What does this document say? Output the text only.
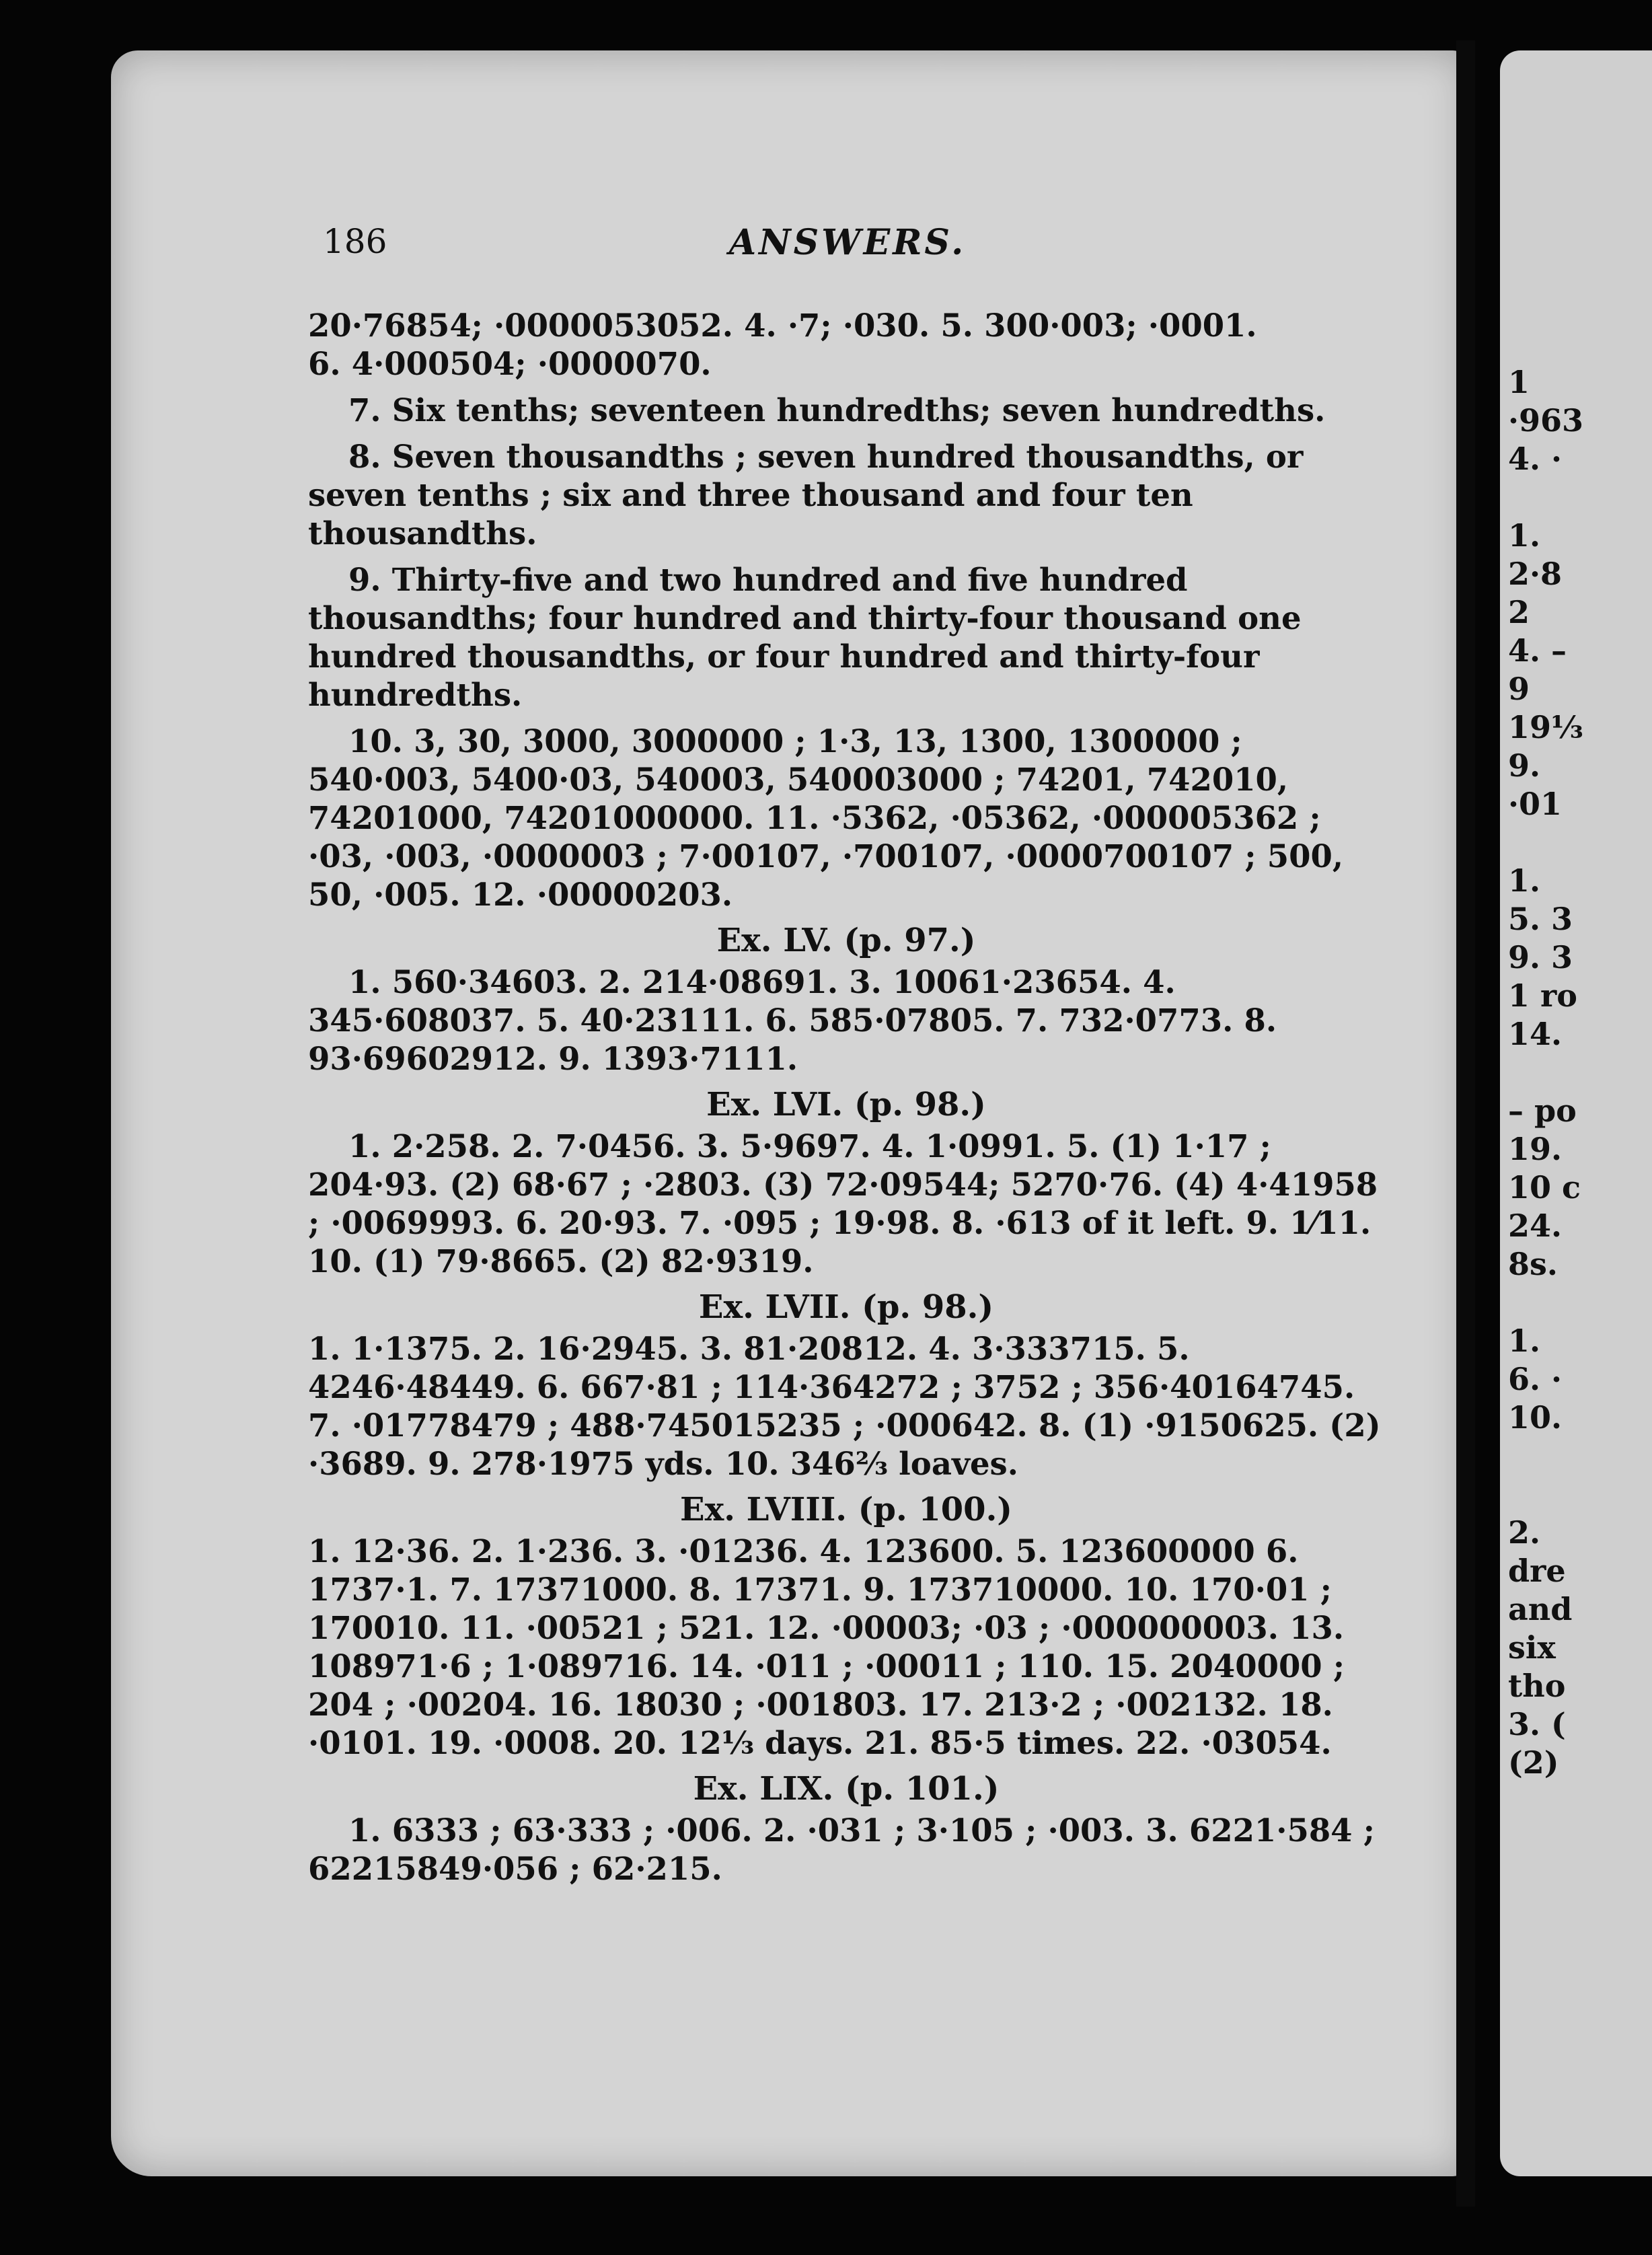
186	ANSWERS.

20·76854; ·0000053052. 4. ·7; ·030. 5. 300·003; ·0001.

6. 4·000504; ·0000070.

7. Six tenths; seventeen hundredths; seven hundredths.

8. Seven thousandths ; seven hundred thousandths, or seven tenths ; six and three thousand and four ten thousandths.

9. Thirty-five and two hundred and five hundred thousandths; four hundred and thirty-four thousand one hundred thousandths, or four hundred and thirty-four hundredths.

10. 3, 30, 3000, 3000000 ; 1·3, 13, 1300, 1300000 ; 540·003, 5400·03, 540003, 540003000 ; 74201, 742010, 74201000, 74201000000. 11. ·5362, ·05362, ·000005362 ; ·03, ·003, ·0000003 ; 7·00107, ·700107, ·0000700107 ; 500, 50, ·005. 12. ·00000203.

Ex. LV. (p. 97.)

1. 560·34603. 2. 214·08691. 3. 10061·23654. 4. 345·608037. 5. 40·23111. 6. 585·07805. 7. 732·0773. 8. 93·69602912. 9. 1393·7111.

Ex. LVI. (p. 98.)

1. 2·258. 2. 7·0456. 3. 5·9697. 4. 1·0991. 5. (1) 1·17 ; 204·93. (2) 68·67 ; ·2803. (3) 72·09544; 5270·76. (4) 4·41958 ; ·0069993. 6. 20·93. 7. ·095 ; 19·98. 8. ·613 of it left. 9. 1⁄11. 10. (1) 79·8665. (2) 82·9319.

Ex. LVII. (p. 98.)

1. 1·1375. 2. 16·2945. 3. 81·20812. 4. 3·333715. 5. 4246·48449. 6. 667·81 ; 114·364272 ; 3752 ; 356·40164745. 7. ·01778479 ; 488·745015235 ; ·000642. 8. (1) ·9150625. (2) ·3689. 9. 278·1975 yds. 10. 346⅔ loaves.

Ex. LVIII. (p. 100.)

1. 12·36. 2. 1·236. 3. ·01236. 4. 123600. 5. 123600000 6. 1737·1. 7. 17371000. 8. 17371. 9. 173710000. 10. 170·01 ; 170010. 11. ·00521 ; 521. 12. ·00003; ·03 ; ·000000003. 13. 108971·6 ; 1·089716. 14. ·011 ; ·00011 ; 110. 15. 2040000 ; 204 ; ·00204. 16. 18030 ; ·001803. 17. 213·2 ; ·002132. 18. ·0101. 19. ·0008. 20. 12⅓ days. 21. 85·5 times. 22. ·03054.

Ex. LIX. (p. 101.)

1. 6333 ; 63·333 ; ·006. 2. ·031 ; 3·105 ; ·003. 3. 6221·584 ; 62215849·056 ; 62·215.

1
·963
4. ·
1.
2·8
2
4. –
9
19⅓
9.
·01
1.
5. 3
9. 3
1 ro
14.
– po
19.
10 c
24.
8s.
1.
6. ·
10.
2.
dre
and
six
tho
3. (
(2)
